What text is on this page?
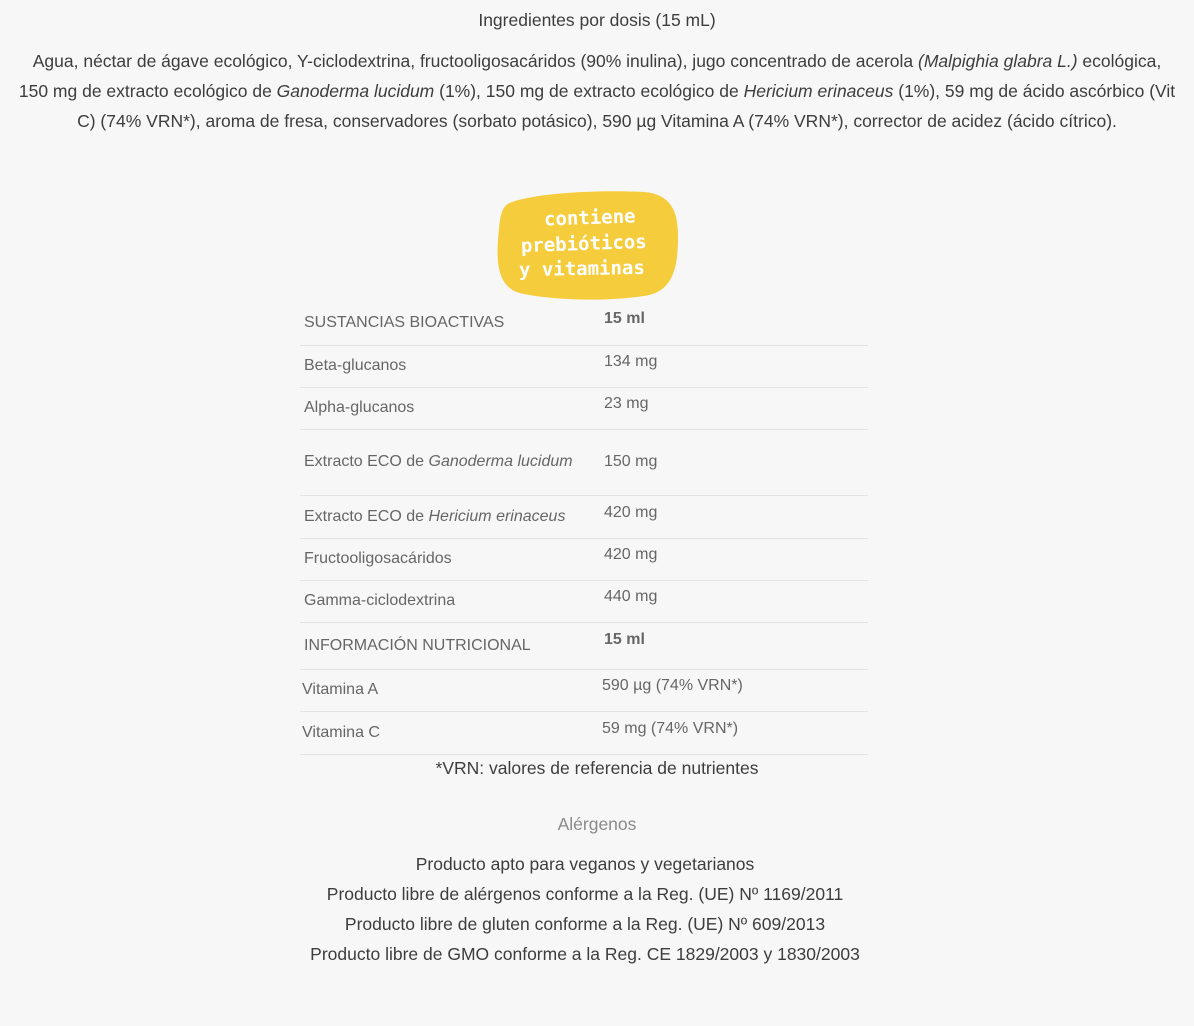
Ingredientes por dosis (15 mL)
Agua, néctar de ágave ecológico, Y-ciclodextrina, fructooligosacáridos (90% inulina), jugo concentrado de acerola (Malpighia glabra L.) ecológica, 150 mg de extracto ecológico de Ganoderma lucidum (1%), 150 mg de extracto ecológico de Hericium erinaceus (1%), 59 mg de ácido ascórbico (Vit C) (74% VRN*), aroma de fresa, conservadores (sorbato potásico), 590 µg Vitamina A (74% VRN*), corrector de acidez (ácido cítrico).
contiene
prebióticos
y vitaminas
SUSTANCIAS BIOACTIVAS	15 ml
Beta-glucanos	134 mg
Alpha-glucanos	23 mg
Extracto ECO de Ganoderma lucidum	150 mg
Extracto ECO de Hericium erinaceus	420 mg
Fructooligosacáridos	420 mg
Gamma-ciclodextrina	440 mg
INFORMACIÓN NUTRICIONAL	15 ml
Vitamina A	590 µg (74% VRN*)
Vitamina C	59 mg (74% VRN*)
*VRN: valores de referencia de nutrientes
Alérgenos
Producto apto para veganos y vegetarianos
Producto libre de alérgenos conforme a la Reg. (UE) Nº 1169/2011
Producto libre de gluten conforme a la Reg. (UE) Nº 609/2013
Producto libre de GMO conforme a la Reg. CE 1829/2003 y 1830/2003
